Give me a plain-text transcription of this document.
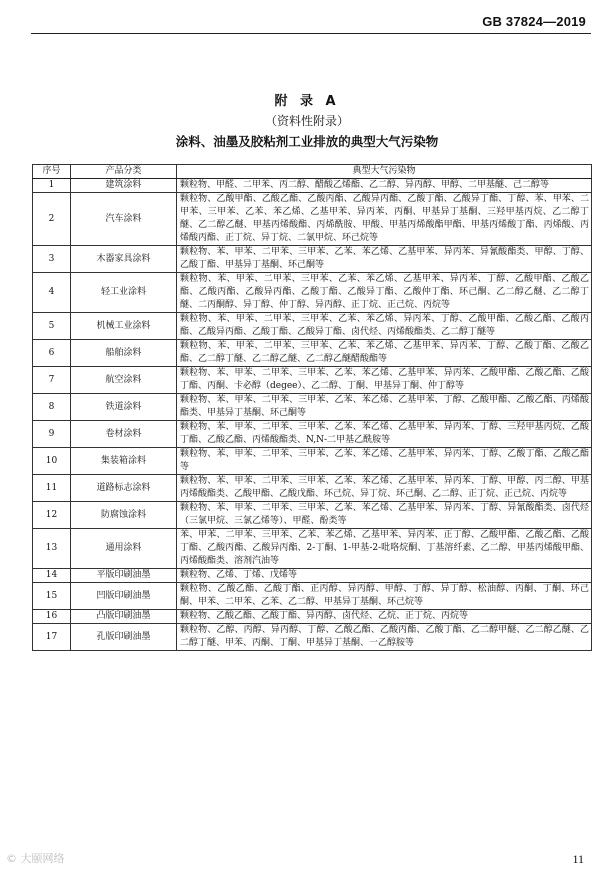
GB 37824—2019
附 录 A
（资料性附录）
涂料、油墨及胶粘剂工业排放的典型大气污染物
序号	产品分类	典型大气污染物
1	建筑涂料	颗粒物、甲醛、二甲苯、丙二醇、醋酸乙烯酯、乙二醇、异丙醇、甲醇、二甲基醚、己二醇等
2	汽车涂料	颗粒物、乙酸甲酯、乙酸乙酯、乙酸丙酯、乙酸异丙酯、乙酸丁酯、乙酸异丁酯、丁醇、苯、甲苯、二甲苯、三甲苯、乙苯、苯乙烯、乙基甲苯、异丙苯、丙酮、甲基异丁基酮、三羟甲基丙烷、乙二醇丁醚、乙二醇乙醚、甲基丙烯酸酯、丙烯酰胺、甲酸、甲基丙烯酸酯甲酯、甲基丙烯酸丁酯、丙烯酸、丙烯酸丙酯、正丁烷、异丁烷、二氯甲烷、环己烷等
3	木器家具涂料	颗粒物、苯、甲苯、二甲苯、三甲苯、乙苯、苯乙烯、乙基甲苯、异丙苯、异氰酸酯类、甲醇、丁醇、乙酸丁酯、甲基异丁基酮、环己酮等
4	轻工业涂料	颗粒物、苯、甲苯、二甲苯、三甲苯、乙苯、苯乙烯、乙基甲苯、异丙苯、丁醇、乙酸甲酯、乙酸乙酯、乙酸丙酯、乙酸异丙酯、乙酸丁酯、乙酸异丁酯、乙酸仲丁酯、环己酮、乙二醇乙醚、乙二醇丁醚、二丙酮醇、异丁醇、仲丁醇、异丙醇、正丁烷、正己烷、丙烷等
5	机械工业涂料	颗粒物、苯、甲苯、二甲苯、三甲苯、乙苯、苯乙烯、异丙苯、丁醇、乙酸甲酯、乙酸乙酯、乙酸丙酯、乙酸异丙酯、乙酸丁酯、乙酸异丁酯、卤代烃、丙烯酸酯类、乙二醇丁醚等
6	船舶涂料	颗粒物、苯、甲苯、二甲苯、三甲苯、乙苯、苯乙烯、乙基甲苯、异丙苯、丁醇、乙酸丁酯、乙酸乙酯、乙二醇丁醚、乙二醇乙醚、乙二醇乙醚醋酸酯等
7	航空涂料	颗粒物、苯、甲苯、二甲苯、三甲苯、乙苯、苯乙烯、乙基甲苯、异丙苯、乙酸甲酯、乙酸乙酯、乙酸丁酯、丙酮、卡必醇（degee）、乙二醇、丁酮、甲基异丁酮、仲丁醇等
8	铁道涂料	颗粒物、苯、甲苯、二甲苯、三甲苯、乙苯、苯乙烯、乙基甲苯、丁醇、乙酸甲酯、乙酸乙酯、丙烯酸酯类、甲基异丁基酮、环己酮等
9	卷材涂料	颗粒物、苯、甲苯、二甲苯、三甲苯、乙苯、苯乙烯、乙基甲苯、异丙苯、丁醇、三羟甲基丙烷、乙酸丁酯、乙酸乙酯、丙烯酸酯类、N,N-二甲基乙酰胺等
10	集装箱涂料	颗粒物、苯、甲苯、二甲苯、三甲苯、乙苯、苯乙烯、乙基甲苯、异丙苯、丁醇、乙酸丁酯、乙酸乙酯等
11	道路标志涂料	颗粒物、苯、甲苯、二甲苯、三甲苯、乙苯、苯乙烯、乙基甲苯、异丙苯、丁醇、甲醇、丙二醇、甲基丙烯酸酯类、乙酸甲酯、乙酸戊酯、环己烷、异丁烷、环己酮、乙二醇、正丁烷、正己烷、丙烷等
12	防腐蚀涂料	颗粒物、苯、甲苯、二甲苯、三甲苯、乙苯、苯乙烯、乙基甲苯、异丙苯、丁醇、异氰酸酯类、卤代烃（三氯甲烷、三氯乙烯等）、甲醛、酚类等
13	通用涂料	苯、甲苯、二甲苯、三甲苯、乙苯、苯乙烯、乙基甲苯、异丙苯、正丁醇、乙酸甲酯、乙酸乙酯、乙酸丁酯、乙酸丙酯、乙酸异丙酯、2-丁酮、1-甲基-2-吡咯烷酮、丁基溶纤素、乙二醇、甲基丙烯酸甲酯、丙烯酸酯类、溶剂汽油等
14	平版印刷油墨	颗粒物、乙烯、丁烯、戊烯等
15	凹版印刷油墨	颗粒物、乙酸乙酯、乙酸丁酯、正丙醇、异丙醇、甲醇、丁醇、异丁醇、松油醇、丙酮、丁酮、环己酮、甲苯、二甲苯、乙苯、乙二醇、甲基异丁基酮、环己烷等
16	凸版印刷油墨	颗粒物、乙酸乙酯、乙酸丁酯、异丙醇、卤代烃、乙烷、正丁烷、丙烷等
17	孔版印刷油墨	颗粒物、乙醇、丙醇、异丙醇、丁醇、乙酸乙酯、乙酸丙酯、乙酸丁酯、乙二醇甲醚、乙二醇乙醚、乙二醇丁醚、甲苯、丙酮、丁酮、甲基异丁基酮、一乙醇胺等
© 大颐网络	11
